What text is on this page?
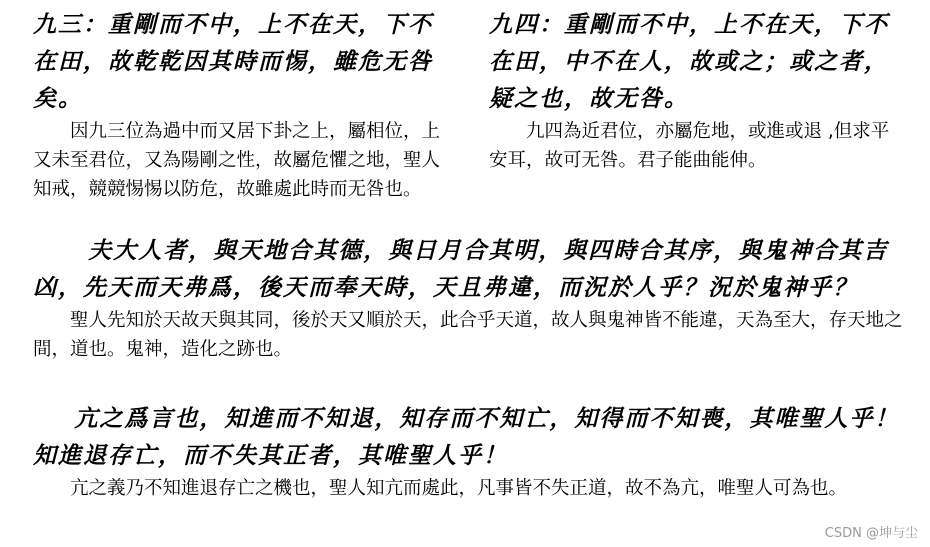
九三：重剛而不中，上不在天，下不在田，故乾乾因其時而惕，雖危无咎矣。

因九三位為過中而又居下卦之上，屬相位，上又未至君位，又為陽剛之性，故屬危懼之地，聖人知戒，競競惕惕以防危，故雖處此時而无咎也。

九四：重剛而不中，上不在天，下不在田，中不在人，故或之；或之者，疑之也，故无咎。

九四為近君位，亦屬危地，或進或退 ,但求平安耳，故可无咎。君子能曲能伸。

夫大人者，與天地合其德，與日月合其明，與四時合其序，與鬼神合其吉凶，先天而天弗爲，後天而奉天時，天且弗違，而況於人乎？況於鬼神乎？

聖人先知於天故天與其同，後於天又順於天，此合乎天道，故人與鬼神皆不能違，天為至大，存天地之間，道也。鬼神，造化之跡也。

亢之爲言也，知進而不知退，知存而不知亡，知得而不知喪，其唯聖人乎！知進退存亡，而不失其正者，其唯聖人乎！

亢之義乃不知進退存亡之機也，聖人知亢而處此，凡事皆不失正道，故不為亢，唯聖人可為也。

CSDN @坤与尘
